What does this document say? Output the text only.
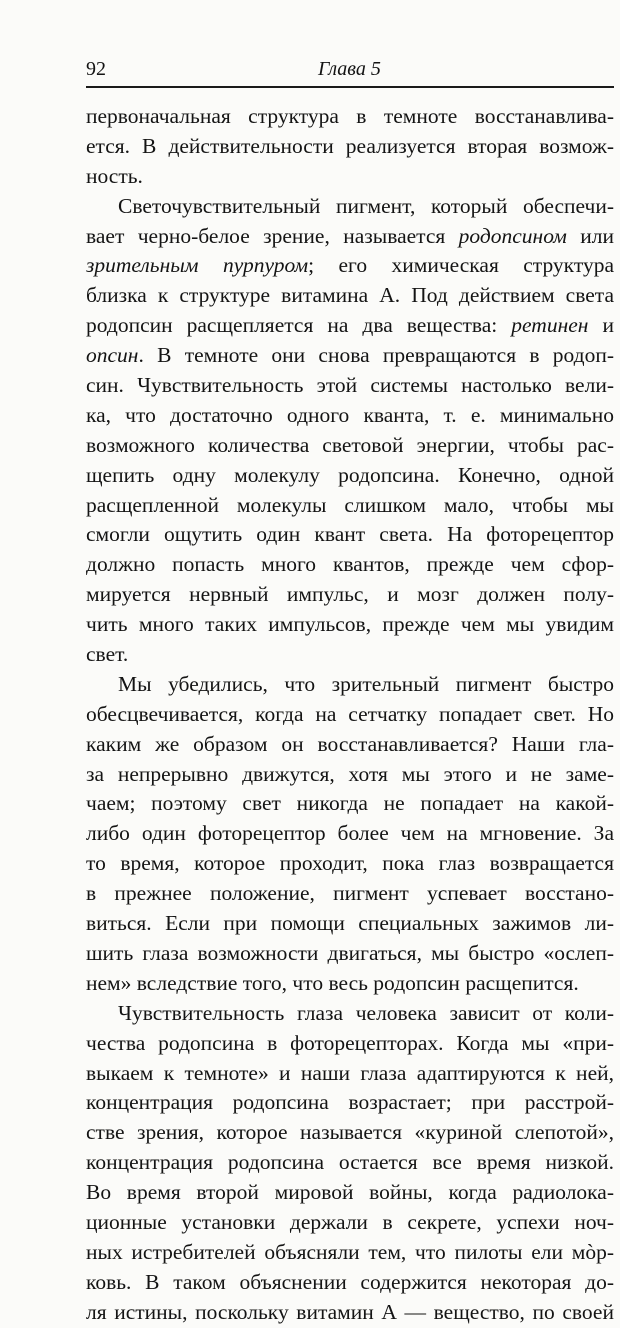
92	Глава 5
первоначальная структура в темноте восстанавлива-
ется. В действительности реализуется вторая возмож-
ность.
Светочувствительный пигмент, который обеспечи-
вает черно-белое зрение, называется родопсином или
зрительным пурпуром; его химическая структура
близка к структуре витамина А. Под действием света
родопсин расщепляется на два вещества: ретинен и
опсин. В темноте они снова превращаются в родоп-
син. Чувствительность этой системы настолько вели-
ка, что достаточно одного кванта, т. е. минимально
возможного количества световой энергии, чтобы рас-
щепить одну молекулу родопсина. Конечно, одной
расщепленной молекулы слишком мало, чтобы мы
смогли ощутить один квант света. На фоторецептор
должно попасть много квантов, прежде чем сфор-
мируется нервный импульс, и мозг должен полу-
чить много таких импульсов, прежде чем мы увидим
свет.
Мы убедились, что зрительный пигмент быстро
обесцвечивается, когда на сетчатку попадает свет. Но
каким же образом он восстанавливается? Наши гла-
за непрерывно движутся, хотя мы этого и не заме-
чаем; поэтому свет никогда не попадает на какой-
либо один фоторецептор более чем на мгновение. За
то время, которое проходит, пока глаз возвращается
в прежнее положение, пигмент успевает восстано-
виться. Если при помощи специальных зажимов ли-
шить глаза возможности двигаться, мы быстро «ослеп-
нем» вследствие того, что весь родопсин расщепится.
Чувствительность глаза человека зависит от коли-
чества родопсина в фоторецепторах. Когда мы «при-
выкаем к темноте» и наши глаза адаптируются к ней,
концентрация родопсина возрастает; при расстрой-
стве зрения, которое называется «куриной слепотой»,
концентрация родопсина остается все время низкой.
Во время второй мировой войны, когда радиолока-
ционные установки держали в секрете, успехи ноч-
ных истребителей объясняли тем, что пилоты ели мòр-
ковь. В таком объяснении содержится некоторая до-
ля истины, поскольку витамин А — вещество, по своей
